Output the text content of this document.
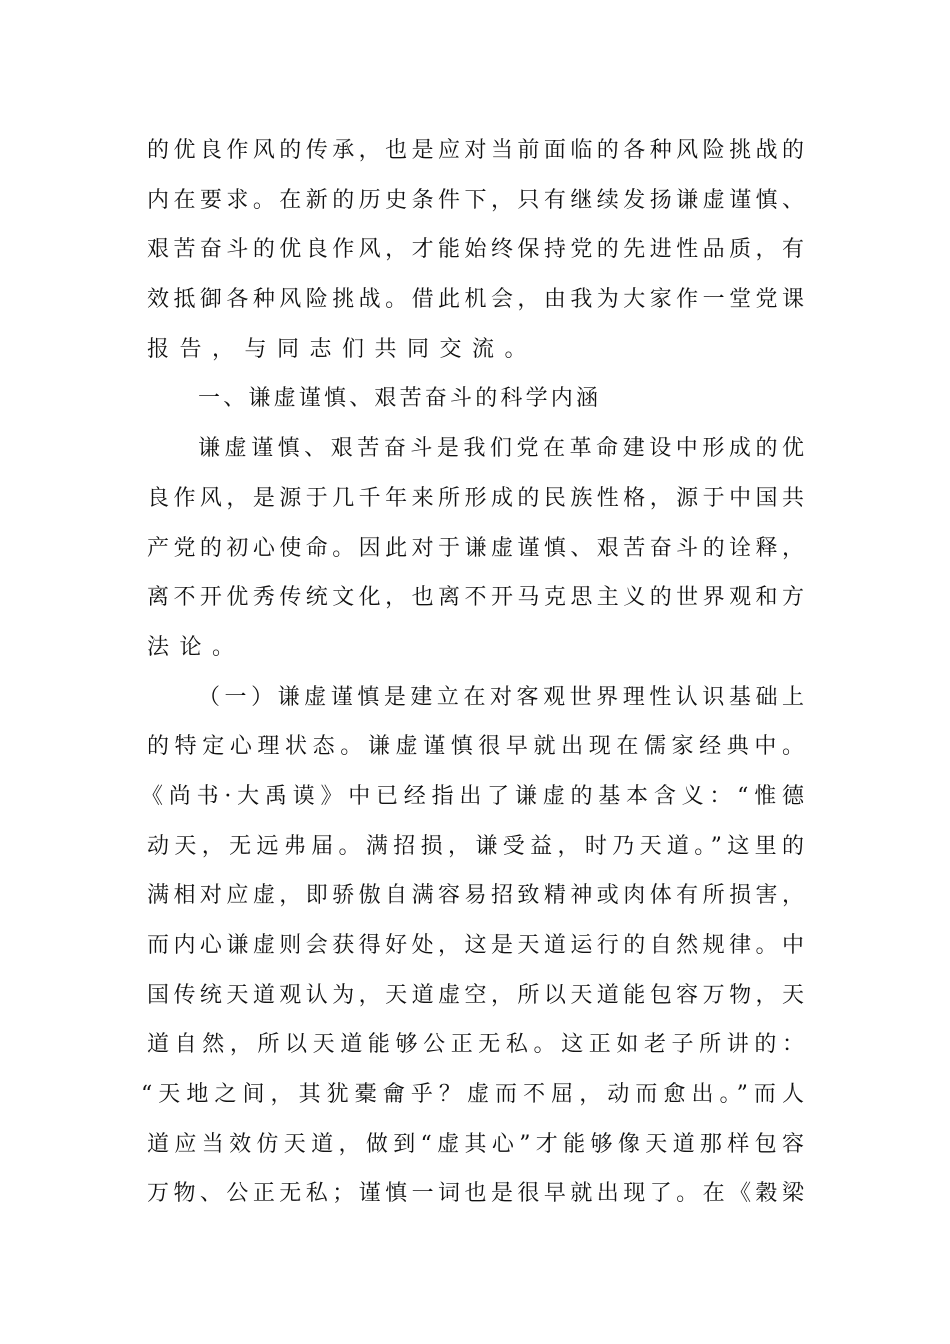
的优良作风的传承，也是应对当前面临的各种风险挑战的
内在要求。在新的历史条件下，只有继续发扬谦虚谨慎、
艰苦奋斗的优良作风，才能始终保持党的先进性品质，有
效抵御各种风险挑战。借此机会，由我为大家作一堂党课
报告，与同志们共同交流。
一、谦虚谨慎、艰苦奋斗的科学内涵
谦虚谨慎、艰苦奋斗是我们党在革命建设中形成的优
良作风，是源于几千年来所形成的民族性格，源于中国共
产党的初心使命。因此对于谦虚谨慎、艰苦奋斗的诠释，
离不开优秀传统文化，也离不开马克思主义的世界观和方
法论。
（一）谦虚谨慎是建立在对客观世界理性认识基础上
的特定心理状态。谦虚谨慎很早就出现在儒家经典中。
《尚书·大禹谟》中已经指出了谦虚的基本含义：“惟德
动天，无远弗届。满招损，谦受益，时乃天道。”这里的
满相对应虚，即骄傲自满容易招致精神或肉体有所损害，
而内心谦虚则会获得好处，这是天道运行的自然规律。中
国传统天道观认为，天道虚空，所以天道能包容万物，天
道自然，所以天道能够公正无私。这正如老子所讲的：
“天地之间，其犹橐龠乎？虚而不屈，动而愈出。”而人
道应当效仿天道，做到“虚其心”才能够像天道那样包容
万物、公正无私；谨慎一词也是很早就出现了。在《穀梁
